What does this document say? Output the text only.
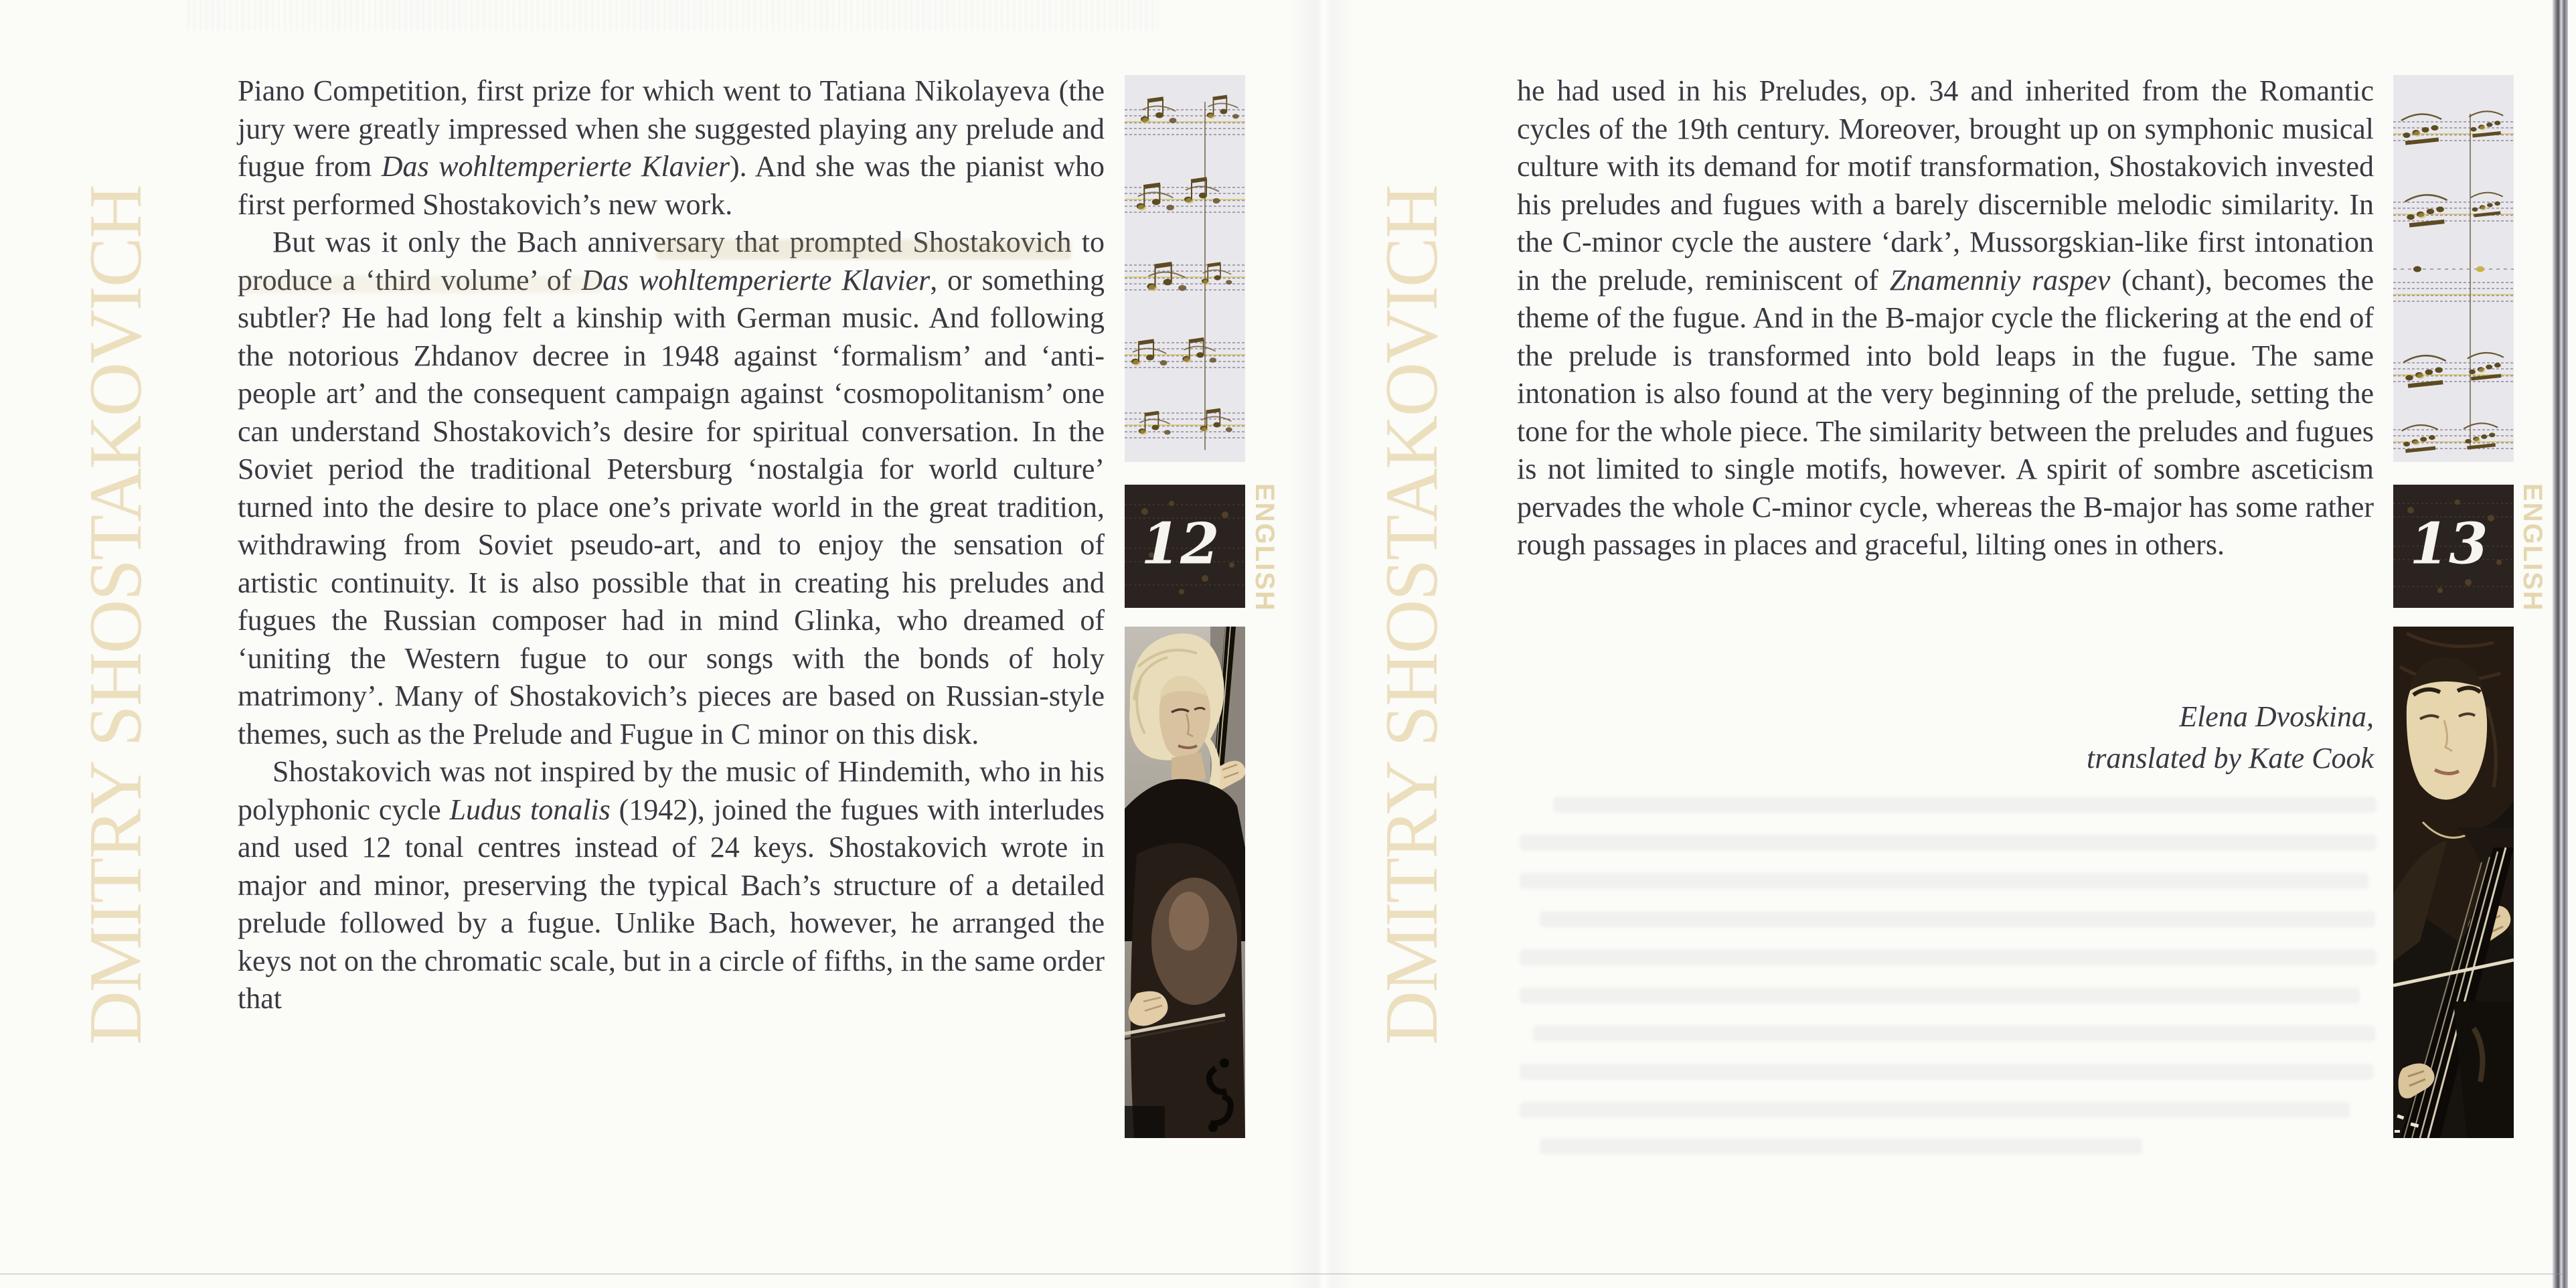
DMITRY SHOSTAKOVICH

Piano Competition, first prize for which went to Tatiana Nikolayeva (the jury were greatly impressed when she suggested playing any prelude and fugue from Das wohltemperierte Klavier). And she was the pianist who first performed Shostakovich’s new work.

But was it only the Bach anniversary that prompted Shostakovich to produce a ‘third volume’ of Das wohltemperierte Klavier, or something subtler? He had long felt a kinship with German music. And following the notorious Zhdanov decree in 1948 against ‘formalism’ and ‘anti-people art’ and the consequent campaign against ‘cosmopolitanism’ one can understand Shostakovich’s desire for spiritual conversation. In the Soviet period the traditional Petersburg ‘nostalgia for world culture’ turned into the desire to place one’s private world in the great tradition, withdrawing from Soviet pseudo-art, and to enjoy the sensation of artistic continuity. It is also possible that in creating his preludes and fugues the Russian composer had in mind Glinka, who dreamed of ‘uniting the Western fugue to our songs with the bonds of holy matrimony’. Many of Shostakovich’s pieces are based on Russian-style themes, such as the Prelude and Fugue in C minor on this disk.

Shostakovich was not inspired by the music of Hindemith, who in his polyphonic cycle Ludus tonalis (1942), joined the fugues with interludes and used 12 tonal centres instead of 24 keys. Shostakovich wrote in major and minor, preserving the typical Bach’s structure of a detailed prelude followed by a fugue. Unlike Bach, however, he arranged the keys not on the chromatic scale, but in a circle of fifths, in the same order that

12	ENGLISH DMITRY SHOSTAKOVICH

he had used in his Preludes, op. 34 and inherited from the Romantic cycles of the 19th century. Moreover, brought up on symphonic musical culture with its demand for motif transformation, Shostakovich invested his preludes and fugues with a barely discernible melodic similarity. In the C-minor cycle the austere ‘dark’, Mussorgskian-like first intonation in the prelude, reminiscent of Znamenniy raspev (chant), becomes the theme of the fugue. And in the B-major cycle the flickering at the end of the prelude is transformed into bold leaps in the fugue. The same intonation is also found at the very beginning of the prelude, setting the tone for the whole piece. The similarity between the preludes and fugues is not limited to single motifs, however. A spirit of sombre asceticism pervades the whole C-minor cycle, whereas the B-major has some rather rough passages in places and graceful, lilting ones in others.

Elena Dvoskina,
translated by Kate Cook
13	ENGLISH
